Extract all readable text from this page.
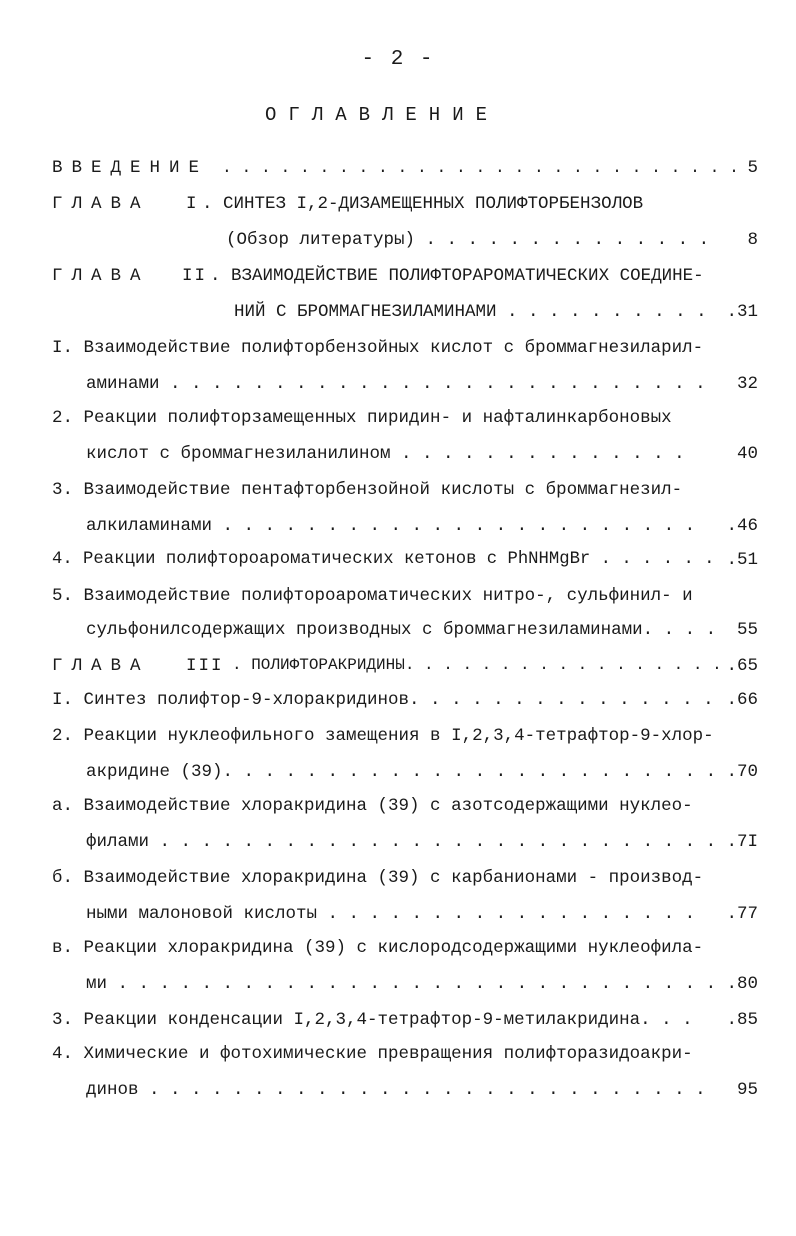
- 2 -
ОГЛАВЛЕНИЕ
ВВЕДЕНИЕ . . . . . . . . . . . . . . . . . . . . . . . . . . . 5
ГЛАВА I . СИНТЕЗ I,2-ДИЗАМЕЩЕННЫХ ПОЛИФТОРБЕНЗОЛОВ
(Обзор литературы) . . . . . . . . . . . . . . 8
ГЛАВА II . ВЗАИМОДЕЙСТВИЕ ПОЛИФТОРАРОМАТИЧЕСКИХ СОЕДИНЕ-
НИЙ С БРОММАГНЕЗИЛАМИНАМИ . . . . . . . . . . .31
I. Взаимодействие полифторбензойных кислот с броммагнезиларил-
аминами . . . . . . . . . . . . . . . . . . . . . . . . . . 32
2. Реакции полифторзамещенных пиридин- и нафталинкарбоновых
кислот с броммагнезиланилином . . . . . . . . . . . . . .	40
3. Взаимодействие пентафторбензойной кислоты с броммагнезил-
алкиламинами . . . . . . . . . . . . . . . . . . . . . . . .46
4. Реакции полифтороароматических кетонов с PhNHMgBr . . . . . . .51
5. Взаимодействие полифтороароматических нитро-, сульфинил- и
сульфонилсодержащих производных с броммагнезиламинами. . . . 55
ГЛАВА III . ПОЛИФТОРАКРИДИНЫ. . . . . . . . . . . . . . . . . .65
I. Синтез полифтор-9-хлоракридинов. . . . . . . . . . . . . . . .66
2. Реакции нуклеофильного замещения в I,2,3,4-тетрафтор-9-хлор-
акридине (39). . . . . . . . . . . . . . . . . . . . . . . . .70
а. Взаимодействие хлоракридина (39) с азотсодержащими нуклео-
филами . . . . . . . . . . . . . . . . . . . . . . . . . . . .7I
б. Взаимодействие хлоракридина (39) с карбанионами - производ-
ными малоновой кислоты . . . . . . . . . . . . . . . . . . .77
в. Реакции хлоракридина (39) с кислородсодержащими нуклеофила-
ми . . . . . . . . . . . . . . . . . . . . . . . . . . . . . .80
3. Реакции конденсации I,2,3,4-тетрафтор-9-метилакридина. . . .85
4. Химические и фотохимические превращения полифторазидоакри-
динов . . . . . . . . . . . . . . . . . . . . . . . . . . . 95
